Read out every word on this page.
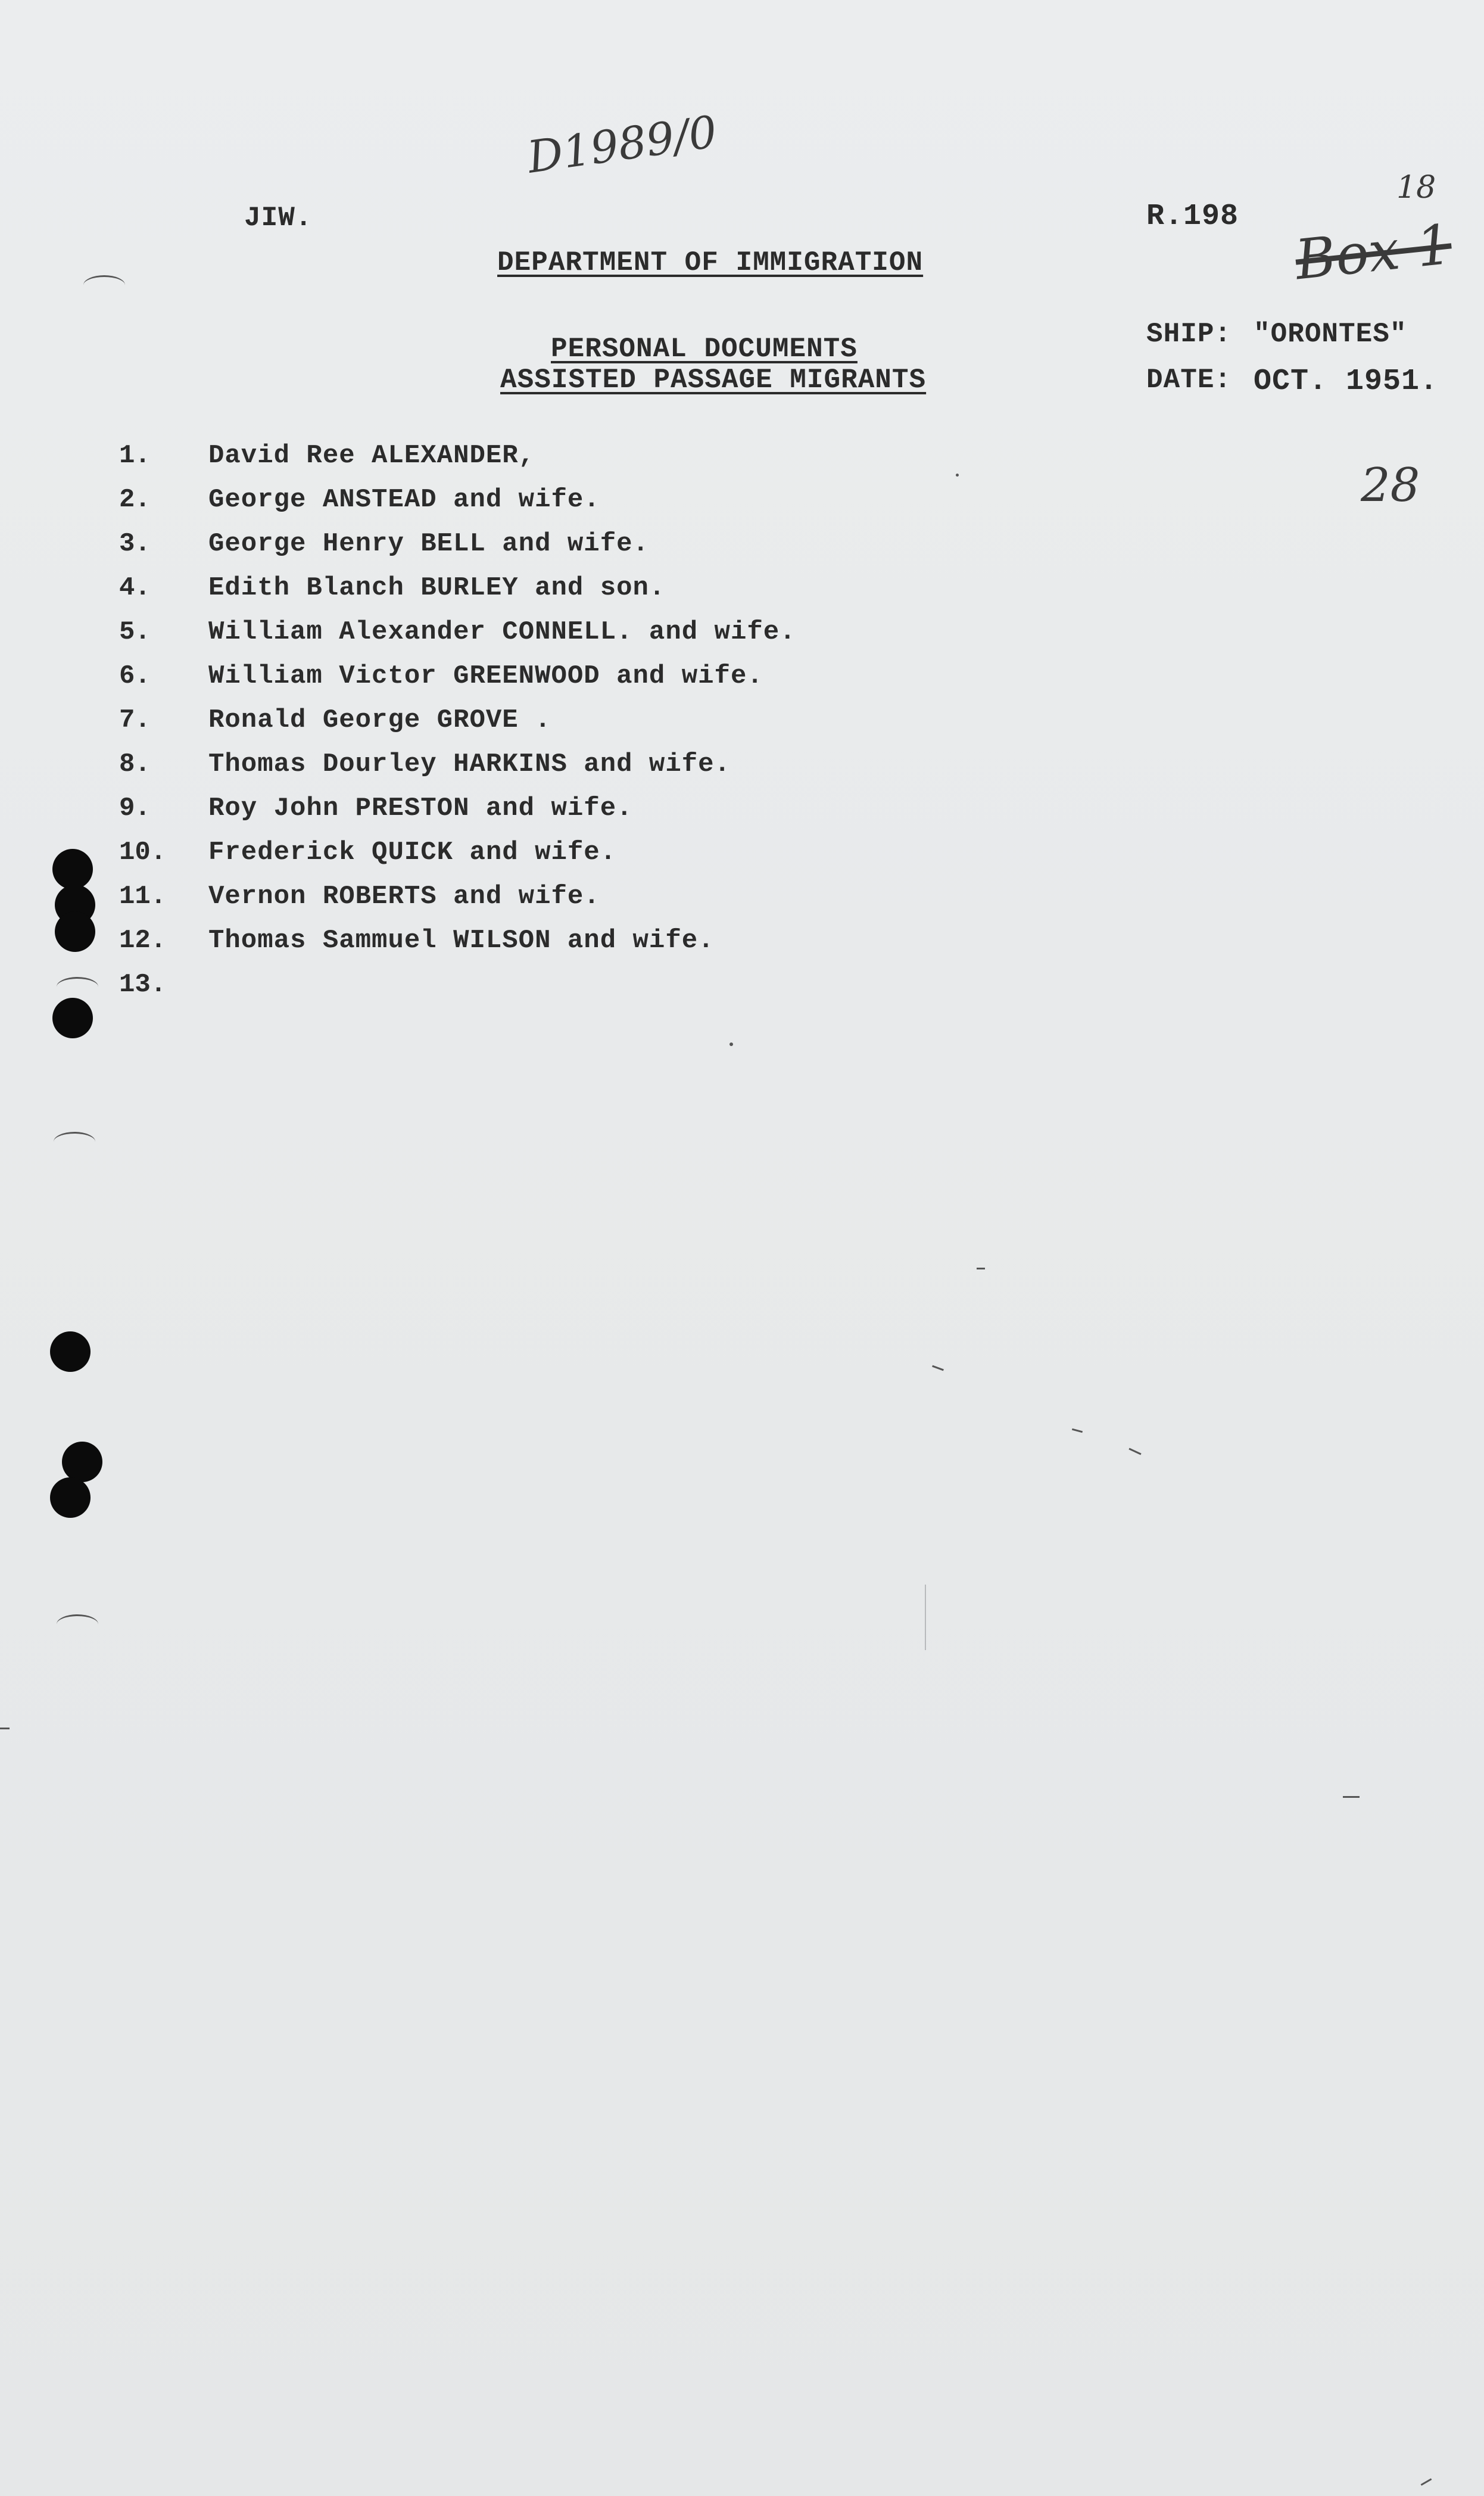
D1989/0
18
Box 1
28
JIW.	R.198
DEPARTMENT OF IMMIGRATION
PERSONAL DOCUMENTS
ASSISTED PASSAGE MIGRANTS
SHIP: "ORONTES"
DATE: OCT. 1951.
1. David Ree ALEXANDER,
2. George ANSTEAD and wife.
3. George Henry BELL and wife.
4. Edith Blanch BURLEY and son.
5. William Alexander CONNELL. and wife.
6. William Victor GREENWOOD and wife.
7. Ronald George GROVE .
8. Thomas Dourley HARKINS and wife.
9. Roy John PRESTON and wife.
10. Frederick QUICK and wife.
11. Vernon ROBERTS and wife.
12. Thomas Sammuel WILSON and wife.
13.
